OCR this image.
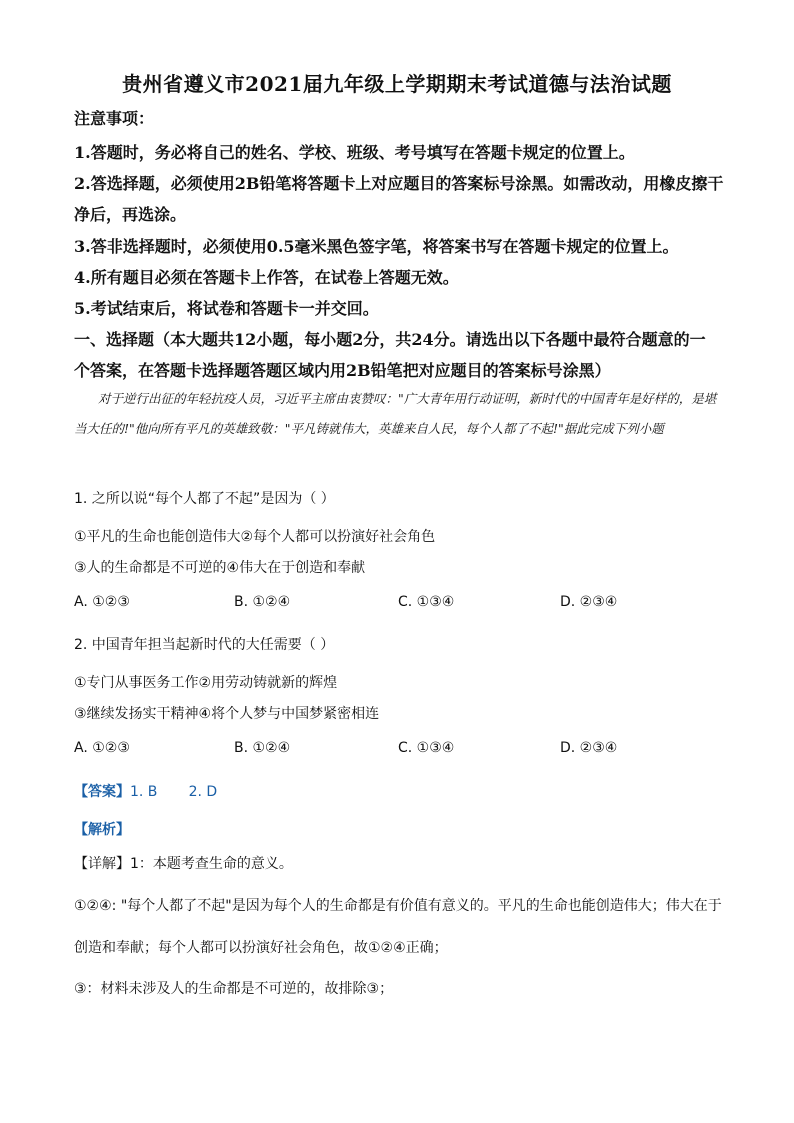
贵州省遵义市2021届九年级上学期期末考试道德与法治试题
注意事项：
1.答题时，务必将自己的姓名、学校、班级、考号填写在答题卡规定的位置上。
2.答选择题，必须使用2B铅笔将答题卡上对应题目的答案标号涂黑。如需改动，用橡皮擦干
净后，再选涂。
3.答非选择题时，必须使用0.5毫米黑色签字笔，将答案书写在答题卡规定的位置上。
4.所有题目必须在答题卡上作答，在试卷上答题无效。
5.考试结束后，将试卷和答题卡一并交回。
一、选择题（本大题共12小题，每小题2分，共24分。请选出以下各题中最符合题意的一
个答案，在答题卡选择题答题区域内用2B铅笔把对应题目的答案标号涂黑）
对于逆行出征的年轻抗疫人员，习近平主席由衷赞叹："广大青年用行动证明，新时代的中国青年是好样的，是堪当大任的!"他向所有平凡的英雄致敬："平凡铸就伟大，英雄来自人民，每个人都了不起!"据此完成下列小题
1. 之所以说“每个人都了不起”是因为（ ）
①平凡的生命也能创造伟大②每个人都可以扮演好社会角色
③人的生命都是不可逆的④伟大在于创造和奉献
A. ①②③	B. ①②④	C. ①③④	D. ②③④
2. 中国青年担当起新时代的大任需要（ ）
①专门从事医务工作②用劳动铸就新的辉煌
③继续发扬实干精神④将个人梦与中国梦紧密相连
A. ①②③	B. ①②④	C. ①③④	D. ②③④
【答案】1. B       2. D
【解析】
【详解】1：本题考查生命的意义。
①②④: "每个人都了不起"是因为每个人的生命都是有价值有意义的。平凡的生命也能创造伟大；伟大在于
创造和奉献；每个人都可以扮演好社会角色，故①②④正确；
③：材料未涉及人的生命都是不可逆的，故排除③；
